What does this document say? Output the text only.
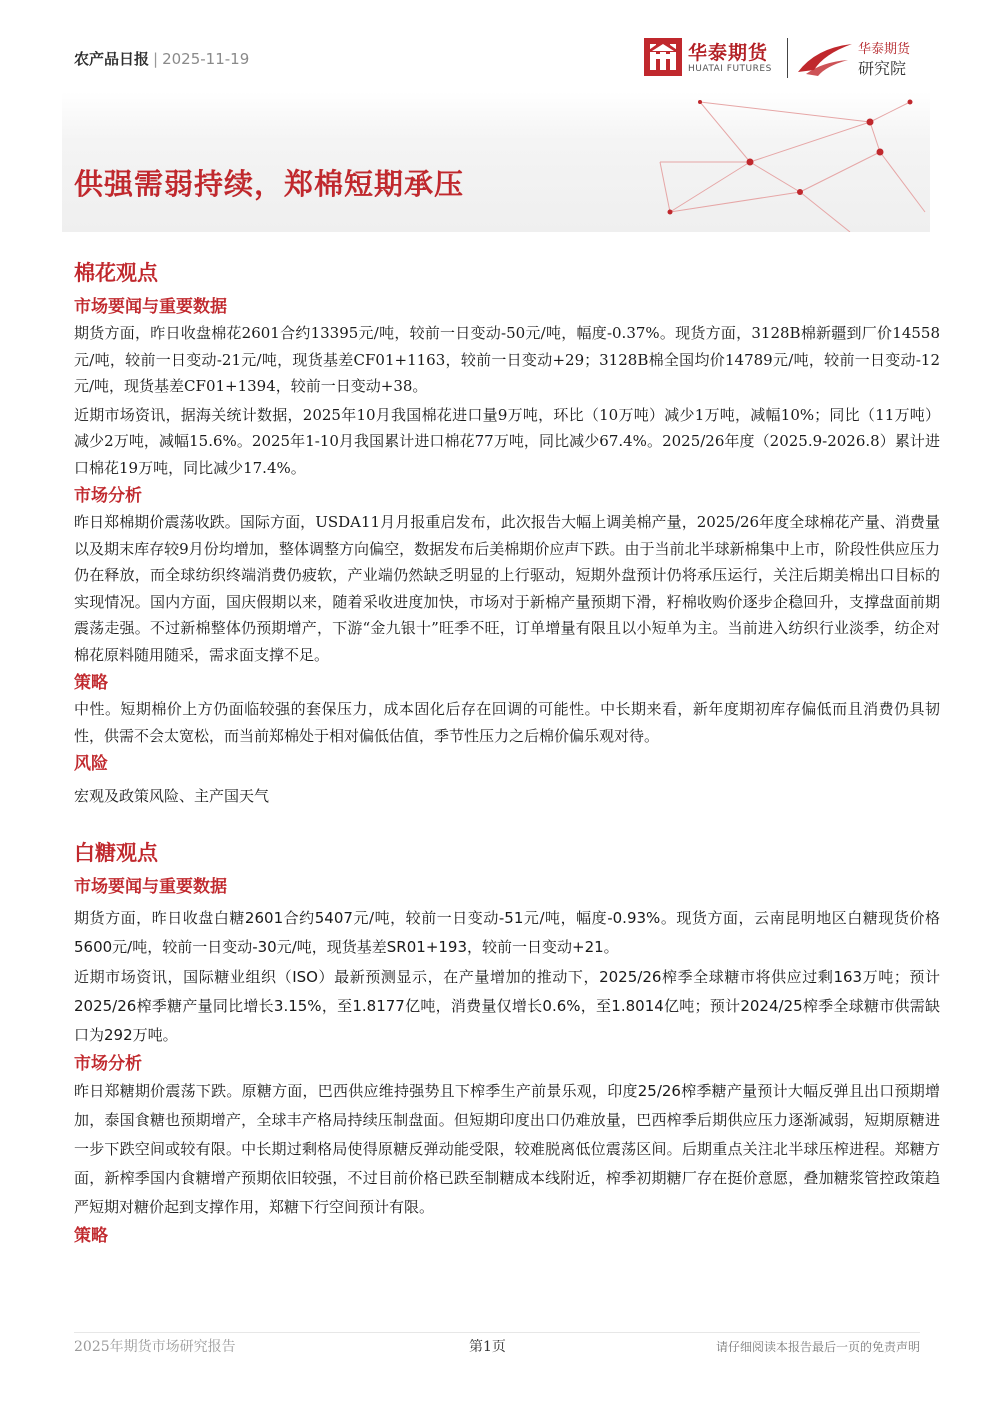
农产品日报 | 2025-11-19	华泰期货
HUATAI FUTURES
华泰期货
研究院
供强需弱持续，郑棉短期承压
棉花观点
市场要闻与重要数据

期货方面，昨日收盘棉花2601合约13395元/吨，较前一日变动-50元/吨，幅度-0.37%。现货方面，3128B棉新疆到厂价14558元/吨，较前一日变动-21元/吨，现货基差CF01+1163，较前一日变动+29；3128B棉全国均价14789元/吨，较前一日变动-12元/吨，现货基差CF01+1394，较前一日变动+38。

近期市场资讯，据海关统计数据，2025年10月我国棉花进口量9万吨，环比（10万吨）减少1万吨，减幅10%；同比（11万吨）减少2万吨，减幅15.6%。2025年1-10月我国累计进口棉花77万吨，同比减少67.4%。2025/26年度（2025.9-2026.8）累计进口棉花19万吨，同比减少17.4%。

市场分析

昨日郑棉期价震荡收跌。国际方面，USDA11月月报重启发布，此次报告大幅上调美棉产量，2025/26年度全球棉花产量、消费量以及期末库存较9月份均增加，整体调整方向偏空，数据发布后美棉期价应声下跌。由于当前北半球新棉集中上市，阶段性供应压力仍在释放，而全球纺织终端消费仍疲软，产业端仍然缺乏明显的上行驱动，短期外盘预计仍将承压运行，关注后期美棉出口目标的实现情况。国内方面，国庆假期以来，随着采收进度加快，市场对于新棉产量预期下滑，籽棉收购价逐步企稳回升，支撑盘面前期震荡走强。不过新棉整体仍预期增产，下游“金九银十”旺季不旺，订单增量有限且以小短单为主。当前进入纺织行业淡季，纺企对棉花原料随用随采，需求面支撑不足。

策略

中性。短期棉价上方仍面临较强的套保压力，成本固化后存在回调的可能性。中长期来看，新年度期初库存偏低而且消费仍具韧性，供需不会太宽松，而当前郑棉处于相对偏低估值，季节性压力之后棉价偏乐观对待。

风险

宏观及政策风险、主产国天气

白糖观点
市场要闻与重要数据

期货方面，昨日收盘白糖2601合约5407元/吨，较前一日变动-51元/吨，幅度-0.93%。现货方面，云南昆明地区白糖现货价格5600元/吨，较前一日变动-30元/吨，现货基差SR01+193，较前一日变动+21。

近期市场资讯，国际糖业组织（ISO）最新预测显示，在产量增加的推动下，2025/26榨季全球糖市将供应过剩163万吨；预计2025/26榨季糖产量同比增长3.15%，至1.8177亿吨，消费量仅增长0.6%，至1.8014亿吨；预计2024/25榨季全球糖市供需缺口为292万吨。

市场分析

昨日郑糖期价震荡下跌。原糖方面，巴西供应维持强势且下榨季生产前景乐观，印度25/26榨季糖产量预计大幅反弹且出口预期增加，泰国食糖也预期增产，全球丰产格局持续压制盘面。但短期印度出口仍难放量，巴西榨季后期供应压力逐渐减弱，短期原糖进一步下跌空间或较有限。中长期过剩格局使得原糖反弹动能受限，较难脱离低位震荡区间。后期重点关注北半球压榨进程。郑糖方面，新榨季国内食糖增产预期依旧较强，不过目前价格已跌至制糖成本线附近，榨季初期糖厂存在挺价意愿，叠加糖浆管控政策趋严短期对糖价起到支撑作用，郑糖下行空间预计有限。

策略
2025年期货市场研究报告	第1页	请仔细阅读本报告最后一页的免责声明
